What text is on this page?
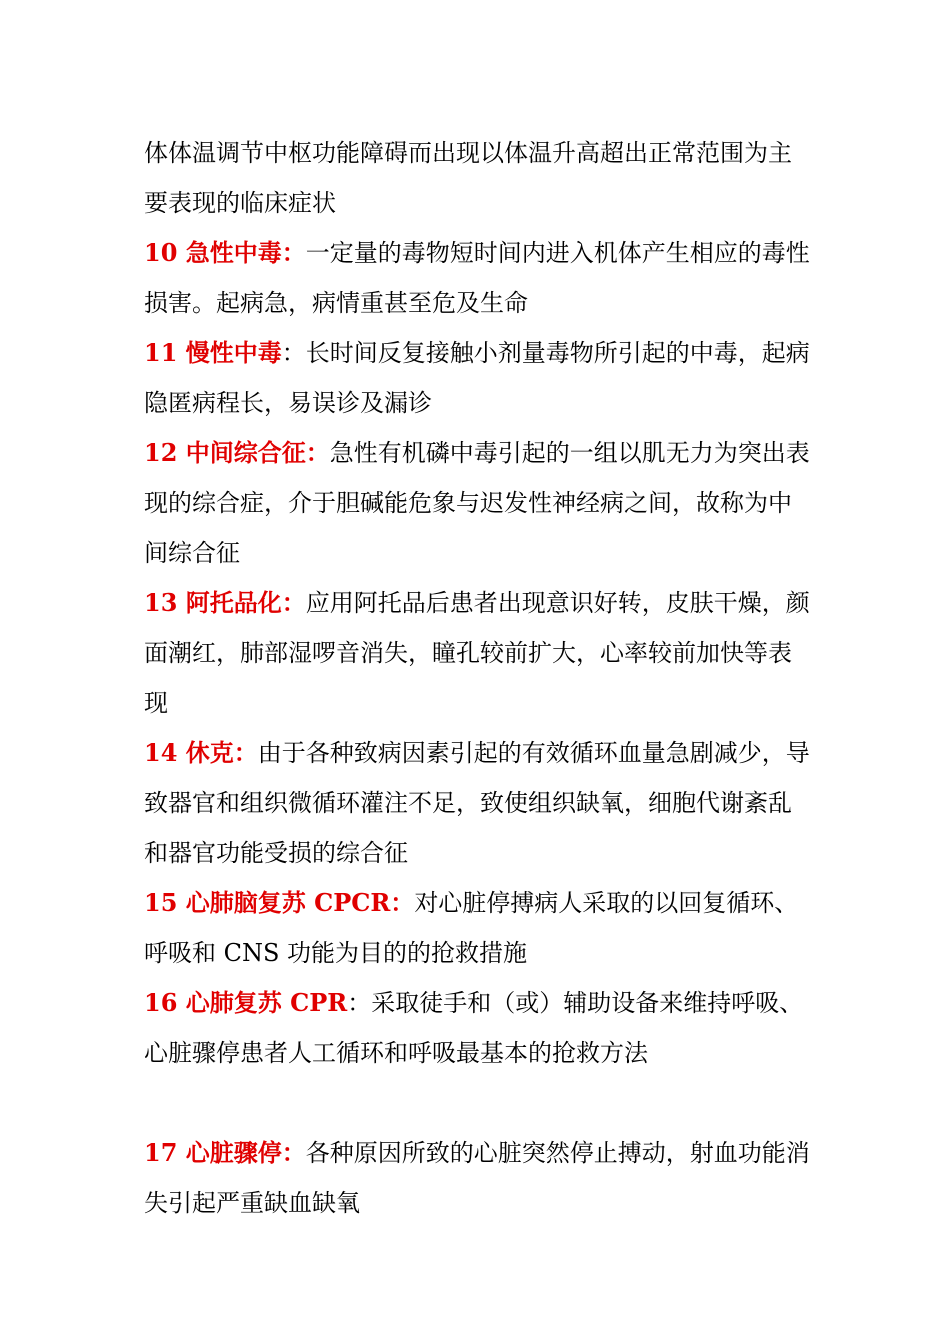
体体温调节中枢功能障碍而出现以体温升高超出正常范围为主要表现的临床症状

10 急性中毒：一定量的毒物短时间内进入机体产生相应的毒性损害。起病急，病情重甚至危及生命

11 慢性中毒：长时间反复接触小剂量毒物所引起的中毒，起病隐匿病程长，易误诊及漏诊

12 中间综合征：急性有机磷中毒引起的一组以肌无力为突出表现的综合症，介于胆碱能危象与迟发性神经病之间，故称为中间综合征

13 阿托品化：应用阿托品后患者出现意识好转，皮肤干燥，颜面潮红，肺部湿啰音消失，瞳孔较前扩大，心率较前加快等表现

14 休克：由于各种致病因素引起的有效循环血量急剧减少，导致器官和组织微循环灌注不足，致使组织缺氧，细胞代谢紊乱和器官功能受损的综合征

15 心肺脑复苏 CPCR：对心脏停搏病人采取的以回复循环、呼吸和 CNS 功能为目的的抢救措施

16 心肺复苏 CPR：采取徒手和（或）辅助设备来维持呼吸、心脏骤停患者人工循环和呼吸最基本的抢救方法

17 心脏骤停：各种原因所致的心脏突然停止搏动，射血功能消失引起严重缺血缺氧
